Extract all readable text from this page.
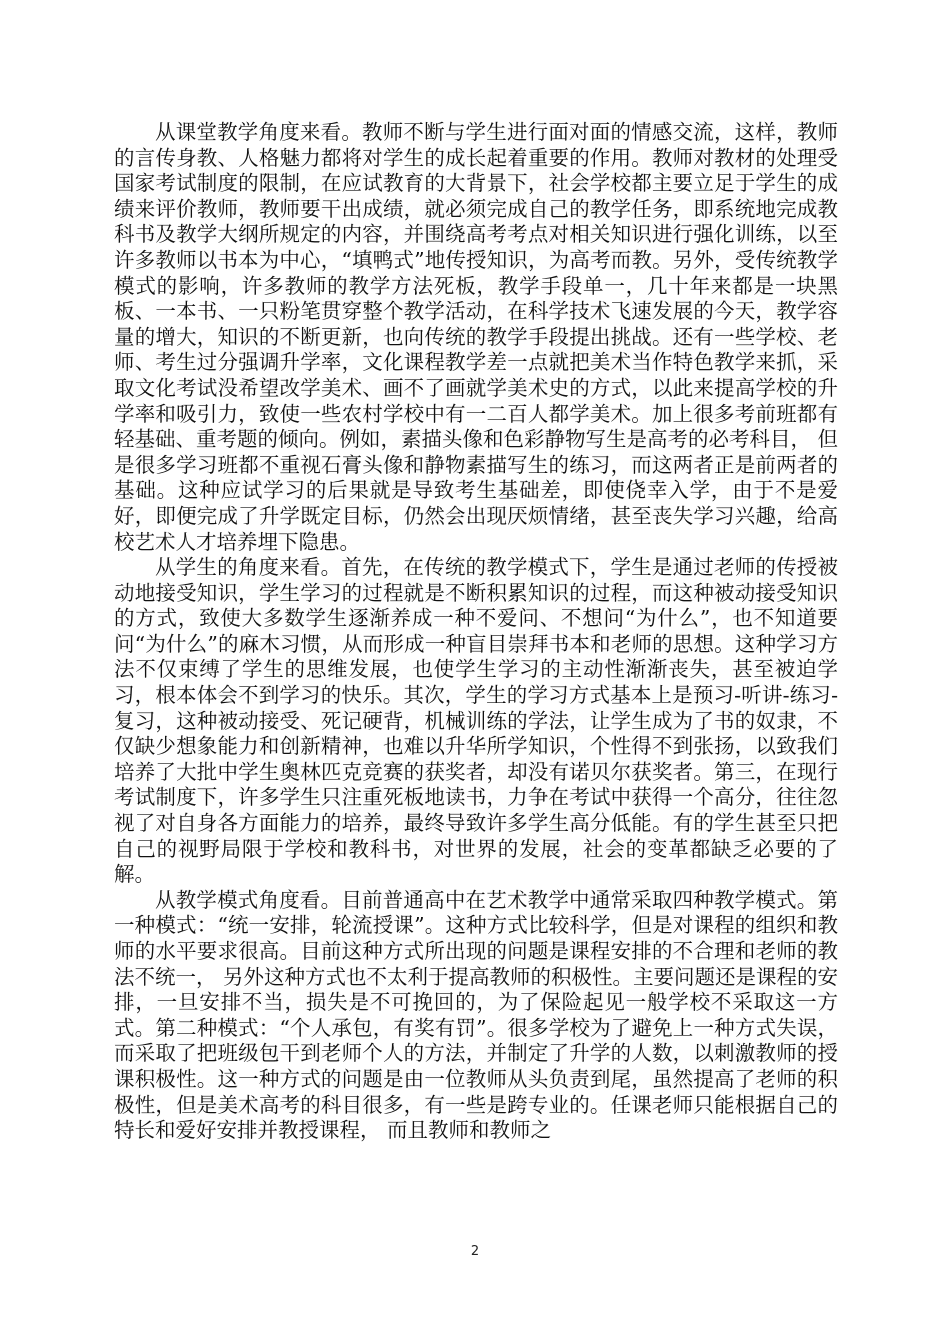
从课堂教学角度来看。教师不断与学生进行面对面的情感交流，这样，教师的言传身教、人格魅力都将对学生的成长起着重要的作用。教师对教材的处理受国家考试制度的限制，在应试教育的大背景下，社会学校都主要立足于学生的成绩来评价教师，教师要干出成绩，就必须完成自己的教学任务，即系统地完成教科书及教学大纲所规定的内容，并围绕高考考点对相关知识进行强化训练，以至许多教师以书本为中心，“填鸭式”地传授知识，为高考而教。另外，受传统教学模式的影响，许多教师的教学方法死板，教学手段单一，几十年来都是一块黑板、一本书、一只粉笔贯穿整个教学活动，在科学技术飞速发展的今天，教学容量的增大，知识的不断更新，也向传统的教学手段提出挑战。还有一些学校、老师、考生过分强调升学率，文化课程教学差一点就把美术当作特色教学来抓，采取文化考试没希望改学美术、画不了画就学美术史的方式，以此来提高学校的升学率和吸引力，致使一些农村学校中有一二百人都学美术。加上很多考前班都有轻基础、重考题的倾向。例如，素描头像和色彩静物写生是高考的必考科目， 但是很多学习班都不重视石膏头像和静物素描写生的练习，而这两者正是前两者的基础。这种应试学习的后果就是导致考生基础差，即使侥幸入学，由于不是爱好，即便完成了升学既定目标，仍然会出现厌烦情绪，甚至丧失学习兴趣，给高校艺术人才培养埋下隐患。

从学生的角度来看。首先，在传统的教学模式下，学生是通过老师的传授被动地接受知识，学生学习的过程就是不断积累知识的过程，而这种被动接受知识的方式，致使大多数学生逐渐养成一种不爱问、不想问“为什么”，也不知道要问“为什么”的麻木习惯，从而形成一种盲目崇拜书本和老师的思想。这种学习方法不仅束缚了学生的思维发展，也使学生学习的主动性渐渐丧失，甚至被迫学习，根本体会不到学习的快乐。其次，学生的学习方式基本上是预习-听讲-练习-复习，这种被动接受、死记硬背，机械训练的学法，让学生成为了书的奴隶，不仅缺少想象能力和创新精神，也难以升华所学知识，个性得不到张扬，以致我们培养了大批中学生奥林匹克竞赛的获奖者，却没有诺贝尔获奖者。第三，在现行考试制度下，许多学生只注重死板地读书，力争在考试中获得一个高分，往往忽视了对自身各方面能力的培养，最终导致许多学生高分低能。有的学生甚至只把自己的视野局限于学校和教科书，对世界的发展，社会的变革都缺乏必要的了解。

从教学模式角度看。目前普通高中在艺术教学中通常采取四种教学模式。第一种模式：“统一安排，轮流授课”。这种方式比较科学，但是对课程的组织和教师的水平要求很高。目前这种方式所出现的问题是课程安排的不合理和老师的教法不统一， 另外这种方式也不太利于提高教师的积极性。主要问题还是课程的安排，一旦安排不当，损失是不可挽回的，为了保险起见一般学校不采取这一方式。第二种模式：“个人承包，有奖有罚”。很多学校为了避免上一种方式失误，而采取了把班级包干到老师个人的方法，并制定了升学的人数，以刺激教师的授课积极性。这一种方式的问题是由一位教师从头负责到尾，虽然提高了老师的积极性，但是美术高考的科目很多，有一些是跨专业的。任课老师只能根据自己的特长和爱好安排并教授课程， 而且教师和教师之

2
